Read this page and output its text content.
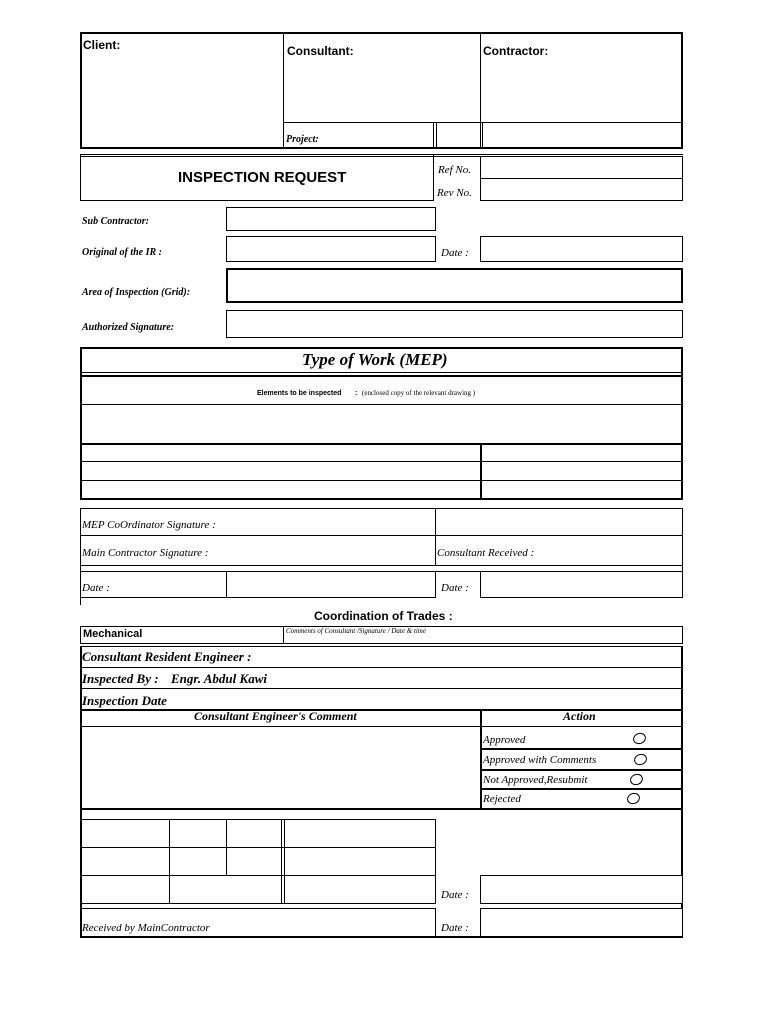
Client:	Consultant:	Contractor:
Project:
INSPECTION REQUEST	Ref No.
Rev No.
Sub Contractor:
Original of the IR :	Date :
Area of Inspection (Grid):
Authorized Signature:
Type of Work (MEP)
Elements to be inspected : (enclosed copy of the relevant drawing )
MEP CoOrdinator Signature :
Main Contractor Signature :	Consultant Received :
Date :	Date :
Coordination of Trades :
Mechanical	Comments of Consultant /Signature / Date & time
Consultant Resident Engineer :
Inspected By : Engr. Abdul Kawi
Inspection Date
Consultant Engineer's Comment	Action
Approved
Approved with Comments
Not Approved,Resubmit
Rejected
Date :
Received by MainContractor	Date :
